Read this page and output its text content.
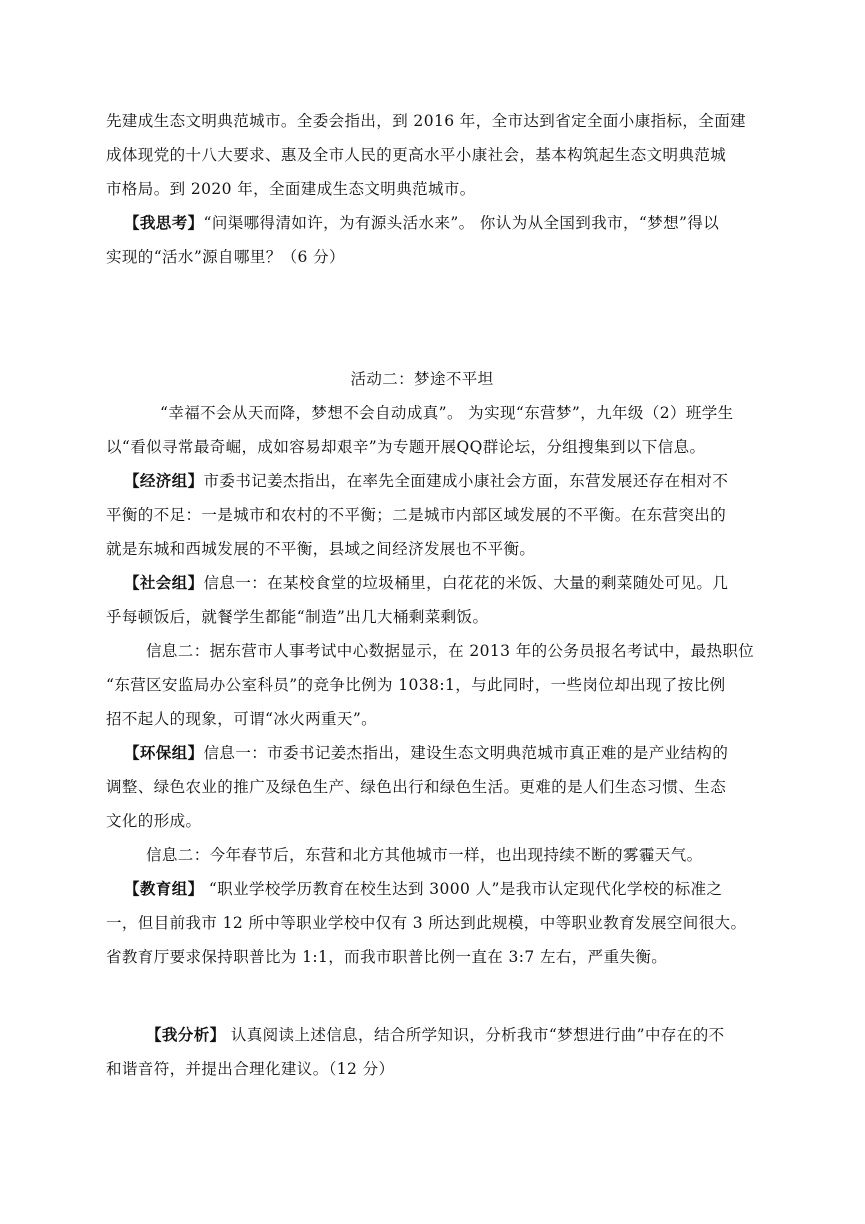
先建成生态文明典范城市。全委会指出，到 2016 年，全市达到省定全面小康指标，全面建
成体现党的十八大要求、惠及全市人民的更高水平小康社会，基本构筑起生态文明典范城
市格局。到 2020 年，全面建成生态文明典范城市。
【我思考】“问渠哪得清如许，为有源头活水来”。 你认为从全国到我市，“梦想”得以
实现的“活水”源自哪里？（6 分）
活动二：梦途不平坦
“幸福不会从天而降，梦想不会自动成真”。 为实现“东营梦”，九年级（2）班学生
以“看似寻常最奇崛，成如容易却艰辛”为专题开展QQ群论坛，分组搜集到以下信息。
【经济组】市委书记姜杰指出，在率先全面建成小康社会方面，东营发展还存在相对不
平衡的不足：一是城市和农村的不平衡；二是城市内部区域发展的不平衡。在东营突出的
就是东城和西城发展的不平衡，县域之间经济发展也不平衡。
【社会组】信息一：在某校食堂的垃圾桶里，白花花的米饭、大量的剩菜随处可见。几
乎每顿饭后，就餐学生都能“制造”出几大桶剩菜剩饭。
信息二：据东营市人事考试中心数据显示，在 2013 年的公务员报名考试中，最热职位
“东营区安监局办公室科员”的竞争比例为 1038:1，与此同时，一些岗位却出现了按比例
招不起人的现象，可谓“冰火两重天”。
【环保组】信息一：市委书记姜杰指出，建设生态文明典范城市真正难的是产业结构的
调整、绿色农业的推广及绿色生产、绿色出行和绿色生活。更难的是人们生态习惯、生态
文化的形成。
信息二：今年春节后，东营和北方其他城市一样，也出现持续不断的雾霾天气。
【教育组】 “职业学校学历教育在校生达到 3000 人”是我市认定现代化学校的标准之
一，但目前我市 12 所中等职业学校中仅有 3 所达到此规模，中等职业教育发展空间很大。
省教育厅要求保持职普比为 1:1，而我市职普比例一直在 3:7 左右，严重失衡。
【我分析】 认真阅读上述信息，结合所学知识，分析我市“梦想进行曲”中存在的不
和谐音符，并提出合理化建议。（12 分）
